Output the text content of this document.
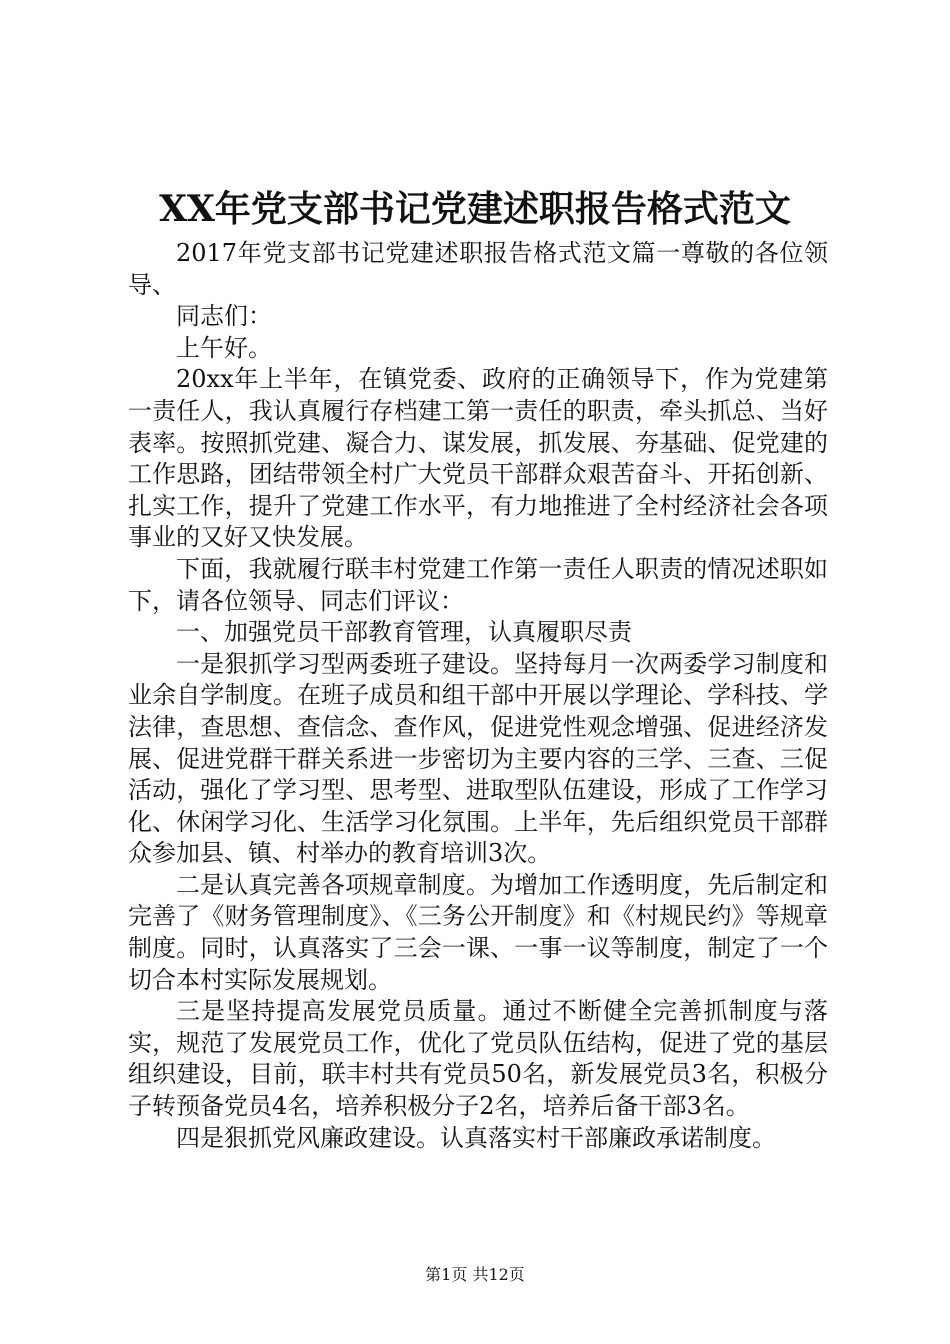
XX年党支部书记党建述职报告格式范文

2017年党支部书记党建述职报告格式范文篇一尊敬的各位领导、

同志们：

上午好。

20xx年上半年，在镇党委、政府的正确领导下，作为党建第一责任人，我认真履行存档建工第一责任的职责，牵头抓总、当好表率。按照抓党建、凝合力、谋发展，抓发展、夯基础、促党建的工作思路，团结带领全村广大党员干部群众艰苦奋斗、开拓创新、扎实工作，提升了党建工作水平，有力地推进了全村经济社会各项事业的又好又快发展。

下面，我就履行联丰村党建工作第一责任人职责的情况述职如下，请各位领导、同志们评议：

一、加强党员干部教育管理，认真履职尽责

一是狠抓学习型两委班子建设。坚持每月一次两委学习制度和业余自学制度。在班子成员和组干部中开展以学理论、学科技、学法律，查思想、查信念、查作风，促进党性观念增强、促进经济发展、促进党群干群关系进一步密切为主要内容的三学、三查、三促活动，强化了学习型、思考型、进取型队伍建设，形成了工作学习化、休闲学习化、生活学习化氛围。上半年，先后组织党员干部群众参加县、镇、村举办的教育培训3次。

二是认真完善各项规章制度。为增加工作透明度，先后制定和完善了《财务管理制度》、《三务公开制度》和《村规民约》等规章制度。同时，认真落实了三会一课、一事一议等制度，制定了一个切合本村实际发展规划。

三是坚持提高发展党员质量。通过不断健全完善抓制度与落实，规范了发展党员工作，优化了党员队伍结构，促进了党的基层组织建设，目前，联丰村共有党员50名，新发展党员3名，积极分子转预备党员4名，培养积极分子2名，培养后备干部3名。

四是狠抓党风廉政建设。认真落实村干部廉政承诺制度。

第1页 共12页
